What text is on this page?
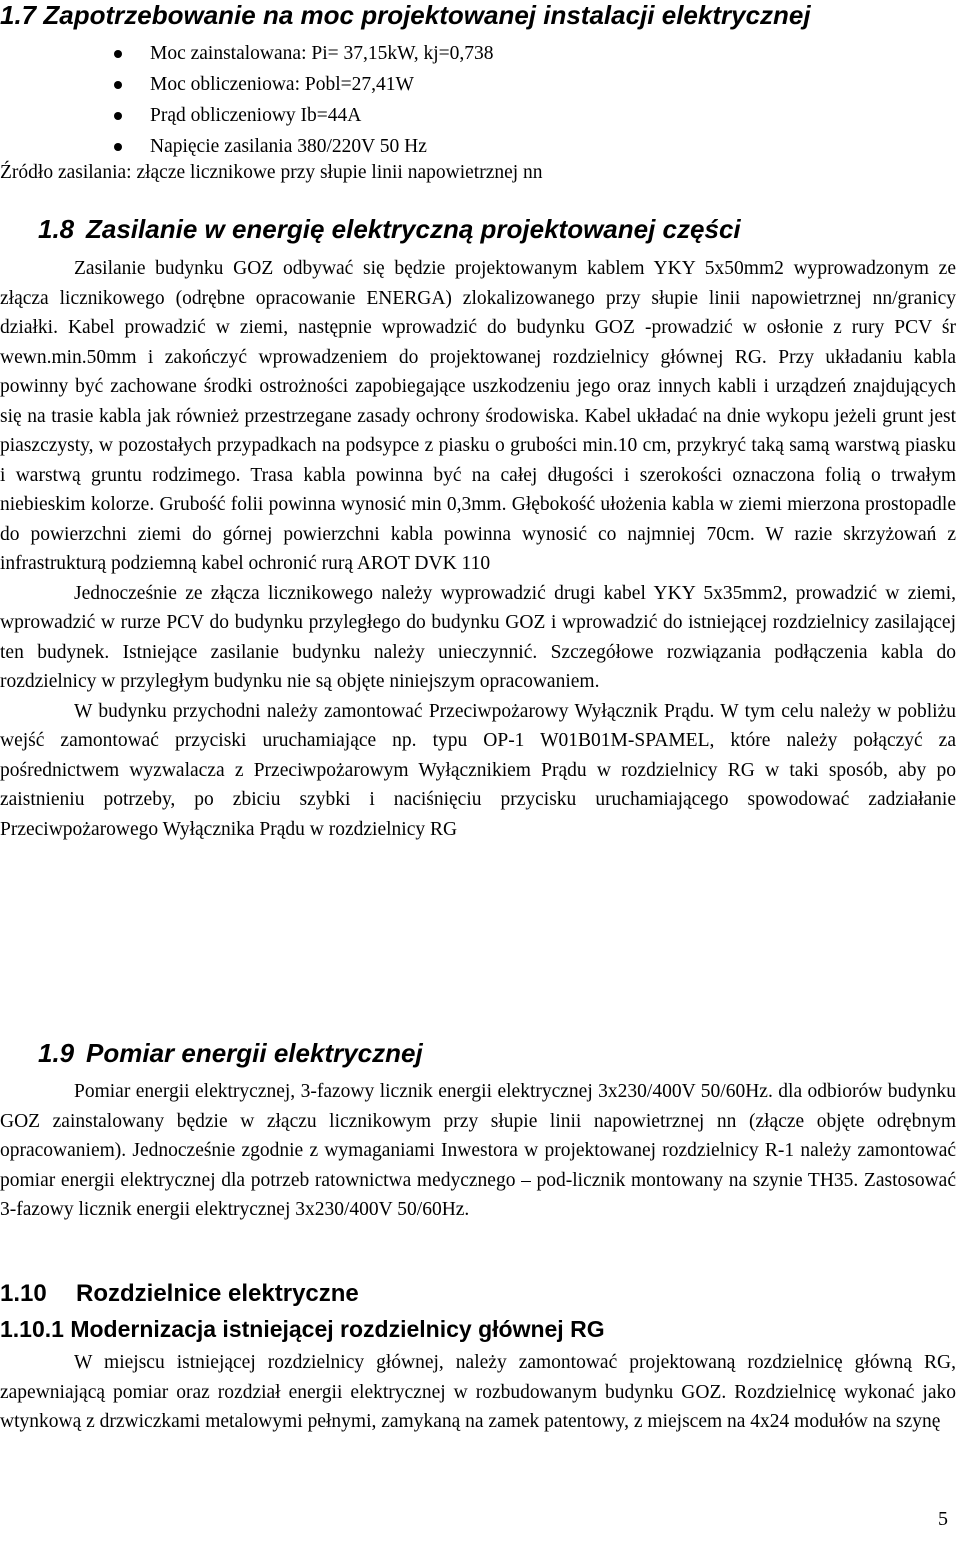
1.7 Zapotrzebowanie na moc projektowanej instalacji elektrycznej
Moc zainstalowana: Pi= 37,15kW, kj=0,738
Moc obliczeniowa: Pobl=27,41W
Prąd obliczeniowy Ib=44A
Napięcie zasilania 380/220V 50 Hz

Źródło zasilania: złącze licznikowe przy słupie linii napowietrznej nn

1.8 Zasilanie w energię elektryczną projektowanej części

Zasilanie budynku GOZ odbywać się będzie projektowanym kablem YKY 5x50mm2 wyprowadzonym ze złącza licznikowego (odrębne opracowanie ENERGA) zlokalizowanego przy słupie linii napowietrznej nn/granicy działki. Kabel prowadzić w ziemi, następnie wprowadzić do budynku GOZ -prowadzić w osłonie z rury PCV śr wewn.min.50mm i zakończyć wprowadzeniem do projektowanej rozdzielnicy głównej RG. Przy układaniu kabla powinny być zachowane środki ostrożności zapobiegające uszkodzeniu jego oraz innych kabli i urządzeń znajdujących się na trasie kabla jak również przestrzegane zasady ochrony środowiska. Kabel układać na dnie wykopu jeżeli grunt jest piaszczysty, w pozostałych przypadkach na podsypce z piasku o grubości min.10 cm, przykryć taką samą warstwą piasku i warstwą gruntu rodzimego. Trasa kabla powinna być na całej długości i szerokości oznaczona folią o trwałym niebieskim kolorze. Grubość folii powinna wynosić min 0,3mm. Głębokość ułożenia kabla w ziemi mierzona prostopadle do powierzchni ziemi do górnej powierzchni kabla powinna wynosić co najmniej 70cm. W razie skrzyżowań z infrastrukturą podziemną kabel ochronić rurą AROT DVK 110

Jednocześnie ze złącza licznikowego należy wyprowadzić drugi kabel YKY 5x35mm2, prowadzić w ziemi, wprowadzić w rurze PCV do budynku przyległego do budynku GOZ i wprowadzić do istniejącej rozdzielnicy zasilającej ten budynek. Istniejące zasilanie budynku należy unieczynnić. Szczegółowe rozwiązania podłączenia kabla do rozdzielnicy w przyległym budynku nie są objęte niniejszym opracowaniem.

W budynku przychodni należy zamontować Przeciwpożarowy Wyłącznik Prądu. W tym celu należy w pobliżu wejść zamontować przyciski uruchamiające np. typu OP-1 W01B01M-SPAMEL, które należy połączyć za pośrednictwem wyzwalacza z Przeciwpożarowym Wyłącznikiem Prądu w rozdzielnicy RG w taki sposób, aby po zaistnieniu potrzeby, po zbiciu szybki i naciśnięciu przycisku uruchamiającego spowodować zadziałanie Przeciwpożarowego Wyłącznika Prądu w rozdzielnicy RG

1.9 Pomiar energii elektrycznej

Pomiar energii elektrycznej, 3-fazowy licznik energii elektrycznej 3x230/400V 50/60Hz. dla odbiorów budynku GOZ zainstalowany będzie w złączu licznikowym przy słupie linii napowietrznej nn (złącze objęte odrębnym opracowaniem). Jednocześnie zgodnie z wymaganiami Inwestora w projektowanej rozdzielnicy R-1 należy zamontować pomiar energii elektrycznej dla potrzeb ratownictwa medycznego – pod-licznik montowany na szynie TH35. Zastosować 3-fazowy licznik energii elektrycznej 3x230/400V 50/60Hz.

1.10 Rozdzielnice elektryczne
1.10.1 Modernizacja istniejącej rozdzielnicy głównej RG

W miejscu istniejącej rozdzielnicy głównej, należy zamontować projektowaną rozdzielnicę główną RG, zapewniającą pomiar oraz rozdział energii elektrycznej w rozbudowanym budynku GOZ. Rozdzielnicę wykonać jako wtynkową z drzwiczkami metalowymi pełnymi, zamykaną na zamek patentowy, z miejscem na 4x24 modułów na szynę

5
